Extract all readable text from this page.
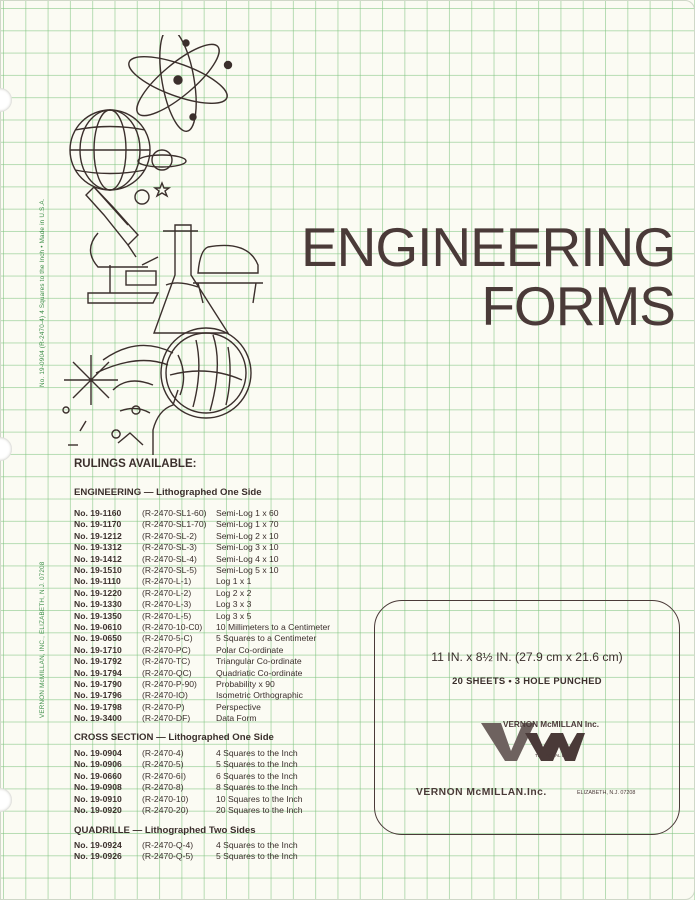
No. 19-0904 (R-2470-4) 4 Squares to the Inch • Made in U.S.A.
VERNON McMILLAN, INC., ELIZABETH, N.J. 07208
ENGINEERING
FORMS
RULINGS AVAILABLE:
ENGINEERING — Lithographed One Side
No. 19-1160 (R-2470-SL1-60) Semi-Log 1 x 60
No. 19-1170 (R-2470-SL1-70) Semi-Log 1 x 70
No. 19-1212 (R-2470-SL-2) Semi-Log 2 x 10
No. 19-1312 (R-2470-SL-3) Semi-Log 3 x 10
No. 19-1412 (R-2470-SL-4) Semi-Log 4 x 10
No. 19-1510 (R-2470-SL-5) Semi-Log 5 x 10
No. 19-1110 (R-2470-L-1)	Log 1 x 1
No. 19-1220 (R-2470-L-2)	Log 2 x 2
No. 19-1330 (R-2470-L-3)	Log 3 x 3
No. 19-1350 (R-2470-L-5)	Log 3 x 5
No. 19-0610 (R-2470-10-C0) 10 Millimeters to a Centimeter
No. 19-0650 (R-2470-5-C)	5 Squares to a Centimeter
No. 19-1710 (R-2470-PC)	Polar Co-ordinate
No. 19-1792 (R-2470-TC)	Triangular Co-ordinate
No. 19-1794 (R-2470-QC)	Quadriatic Co-ordinate
No. 19-1790 (R-2470-P-90) Probability x 90
No. 19-1796 (R-2470-IO)	Isometric Orthographic
No. 19-1798 (R-2470-P)	Perspective
No. 19-3400 (R-2470-DF)	Data Form
CROSS SECTION — Lithographed One Side
No. 19-0904 (R-2470-4)	4 Squares to the Inch
No. 19-0906 (R-2470-5)	5 Squares to the Inch
No. 19-0660 (R-2470-6I)	6 Squares to the Inch
No. 19-0908 (R-2470-8)	8 Squares to the Inch
No. 19-0910 (R-2470-10)	10 Squares to the Inch
No. 19-0920 (R-2470-20)	20 Squares to the Inch
QUADRILLE — Lithographed Two Sides
No. 19-0924 (R-2470-Q-4)	4 Squares to the Inch
No. 19-0926 (R-2470-Q-5)	5 Squares to the Inch
11 IN. x 8½ IN. (27.9 cm x 21.6 cm)
20 SHEETS • 3 HOLE PUNCHED
VERNON McMILLAN Inc.
THE ROYAL LINE
VERNON McMILLAN.Inc.	ELIZABETH, N.J. 07208
